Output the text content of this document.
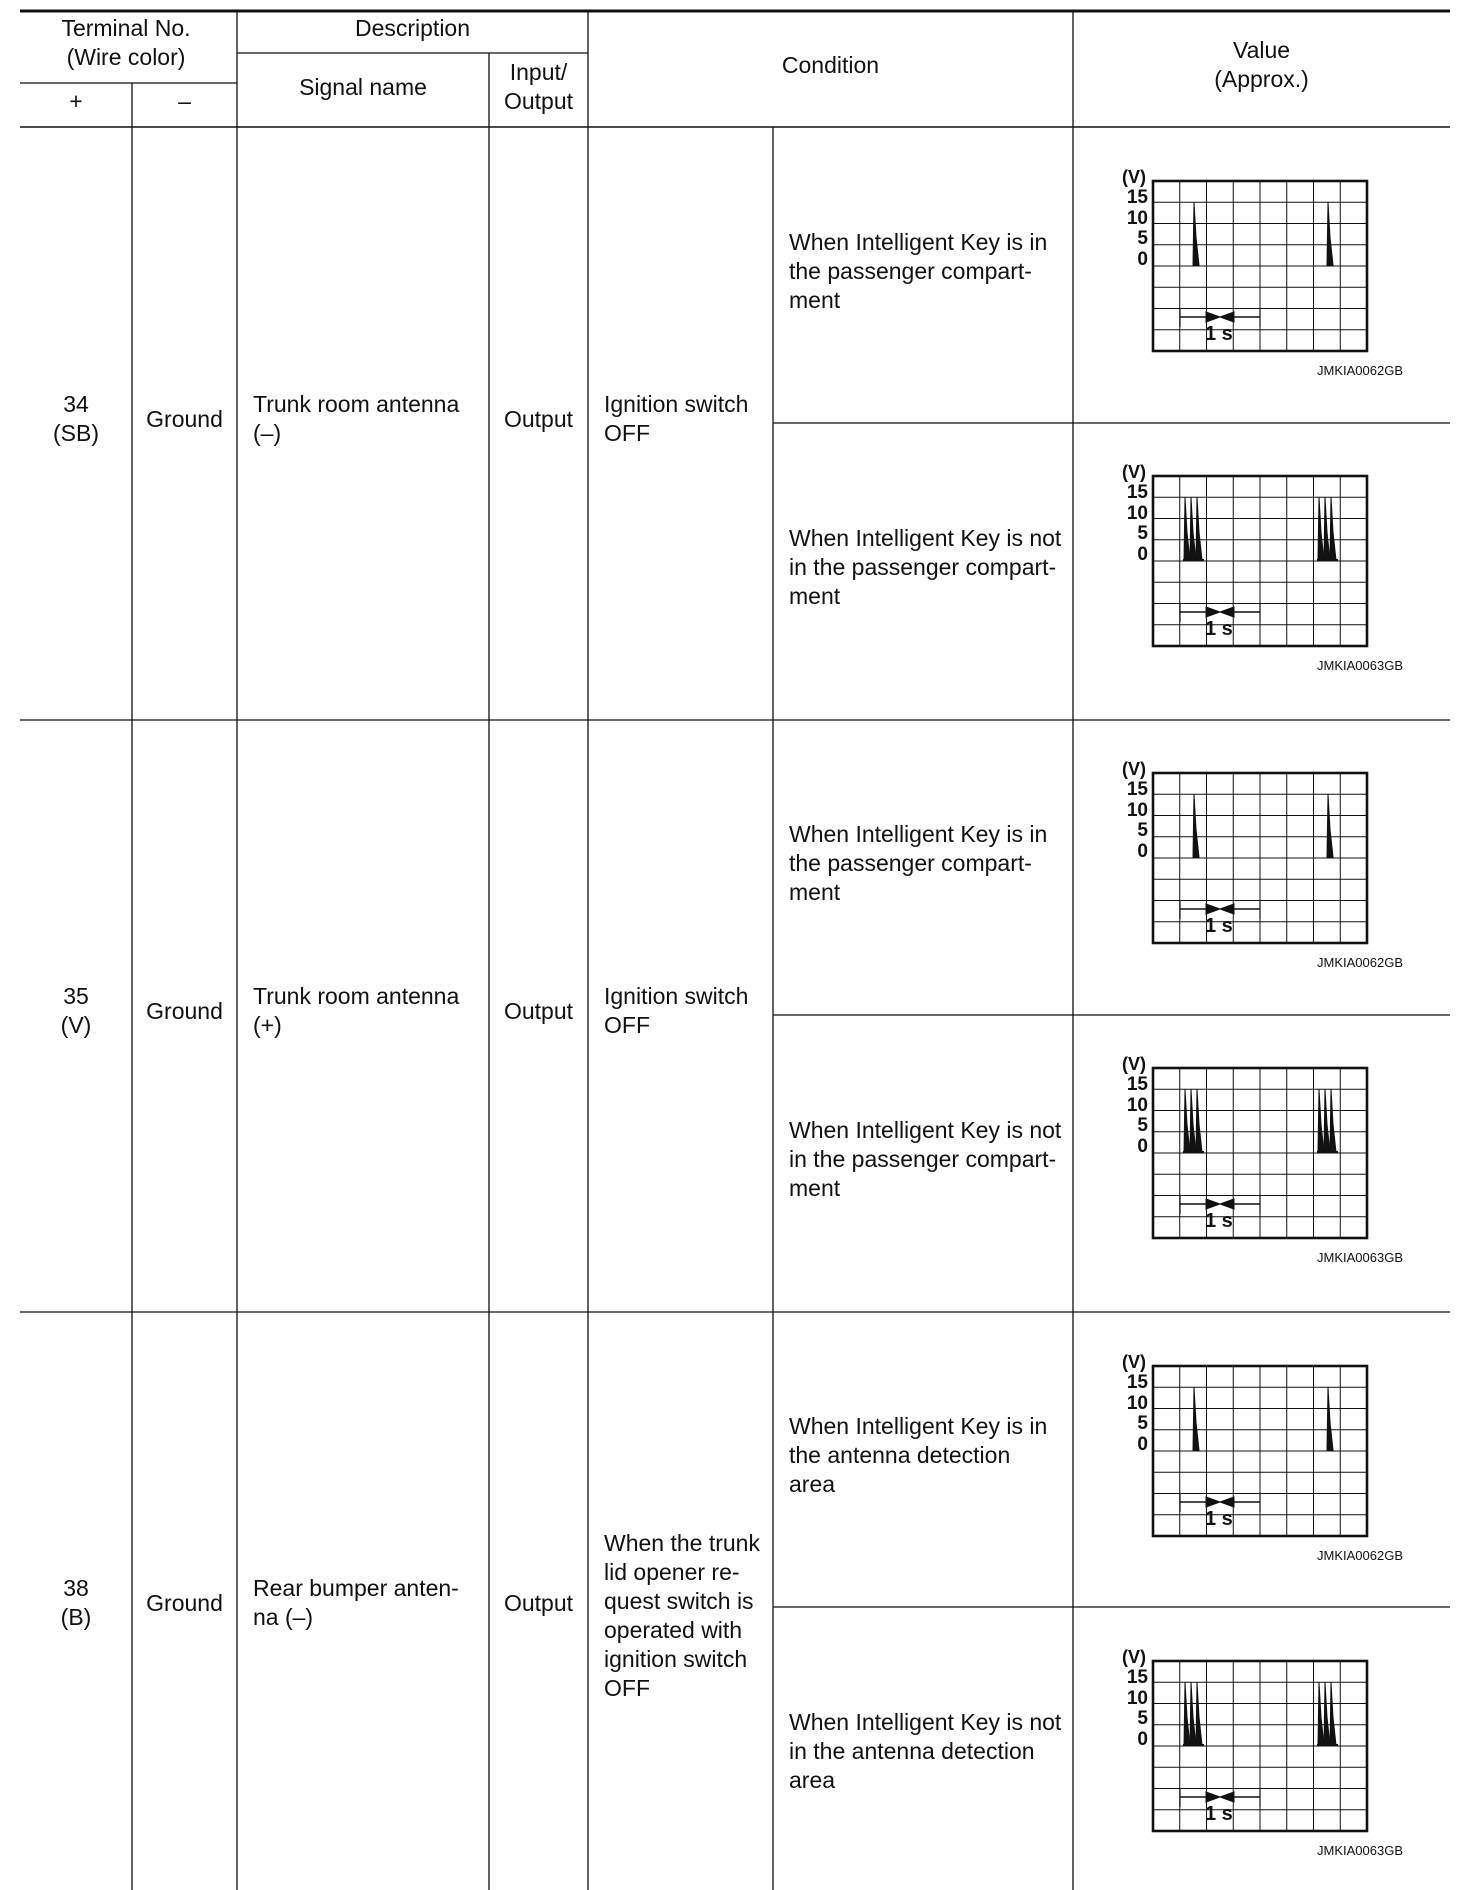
Terminal No.
(Wire color)
+	–
Description
Signal name
Input/
Output
Condition
Value
(Approx.)
34
(SB)
Ground
Trunk room antenna
(–)
Output
Ignition switch
OFF
When Intelligent Key is in
the passenger compart-
ment
When Intelligent Key is not
in the passenger compart-
ment
35
(V)
Ground
Trunk room antenna
(+)
Output
Ignition switch
OFF
When Intelligent Key is in
the passenger compart-
ment
When Intelligent Key is not
in the passenger compart-
ment
38
(B)
Ground
Rear bumper anten-
na (–)
Output
When the trunk
lid opener re-
quest switch is
operated with
ignition switch
OFF
When Intelligent Key is in
the antenna detection
area
When Intelligent Key is not
in the antenna detection
area
(V)
15
10
5
0
1 s
JMKIA0062GB
(V)
15
10
5
0
1 s
JMKIA0063GB
(V)
15
10
5
0
1 s
JMKIA0062GB
(V)
15
10
5
0
1 s
JMKIA0063GB
(V)
15
10
5
0
1 s
JMKIA0062GB
(V)
15
10
5
0
1 s
JMKIA0063GB
